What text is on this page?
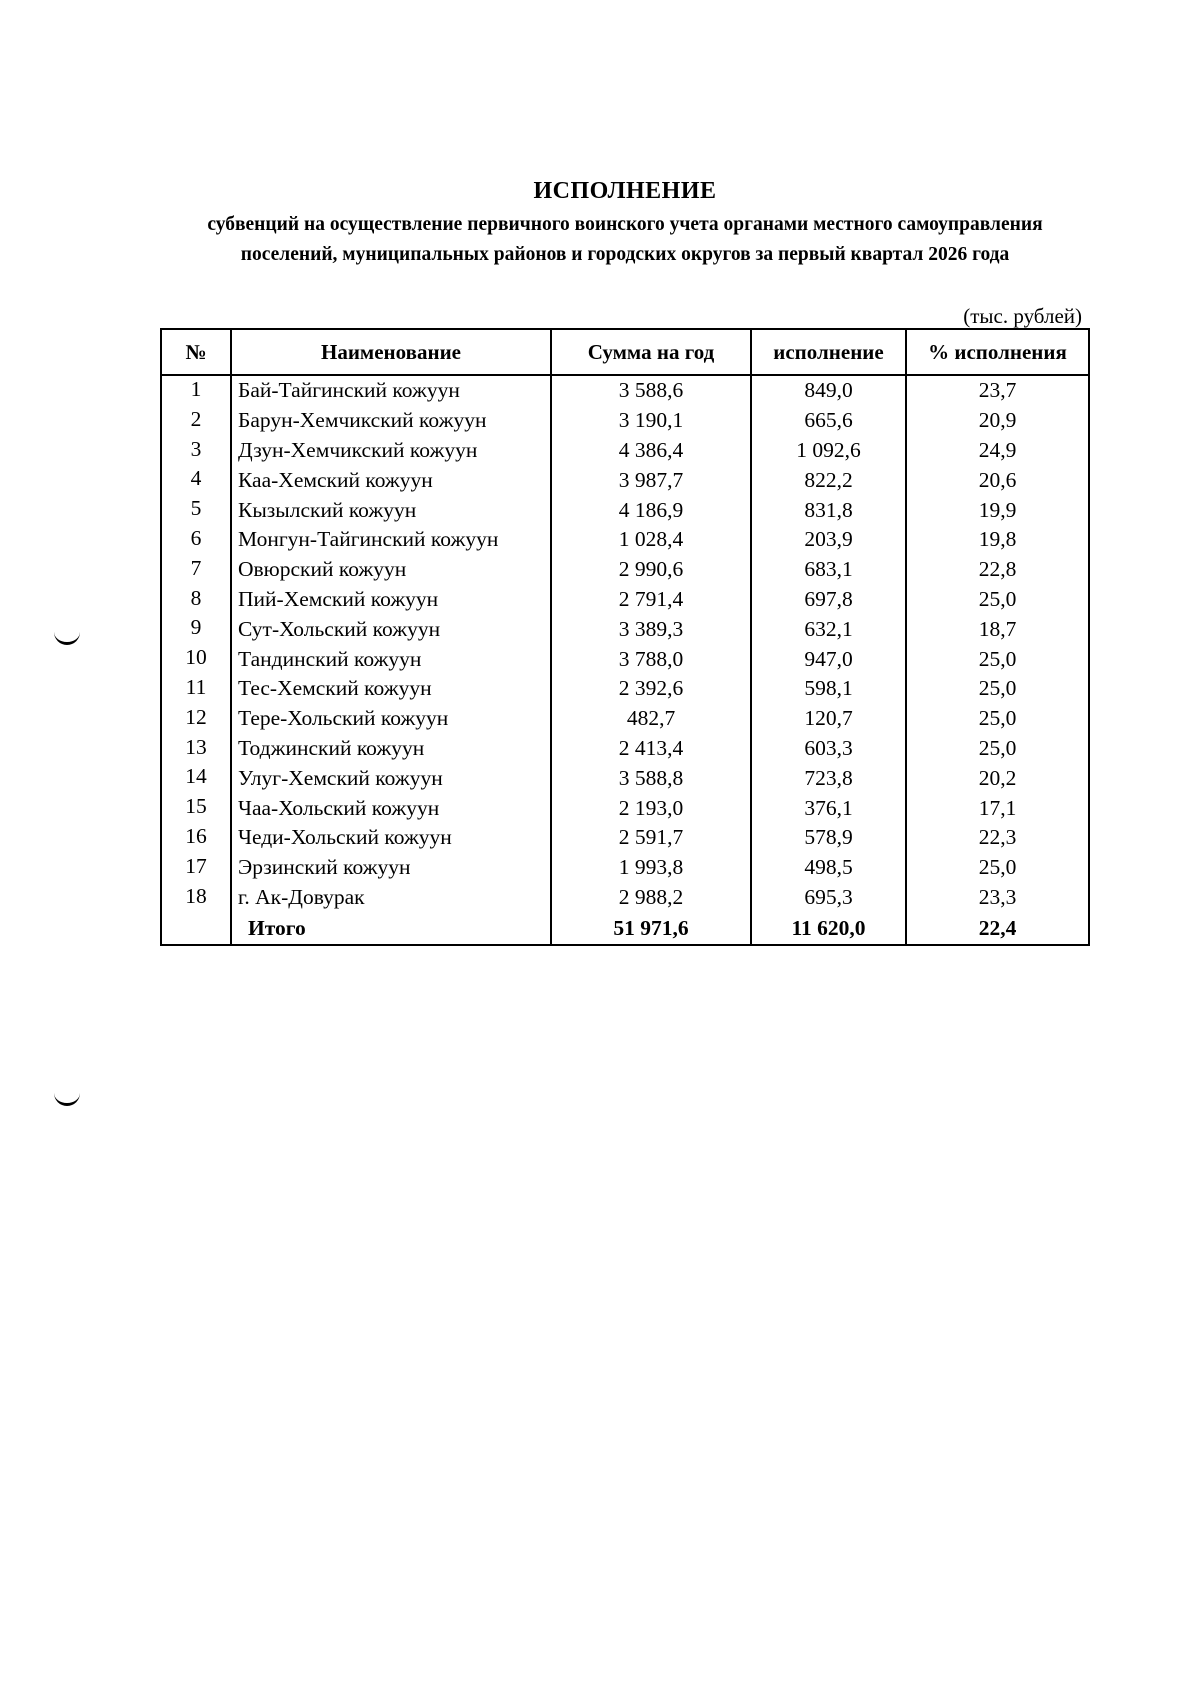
ИСПОЛНЕНИЕ
субвенций на осуществление первичного воинского учета органами местного самоуправления поселений, муниципальных районов и городских округов за первый квартал 2026 года
(тыс. рублей)
№	Наименование	Сумма на год	исполнение	% исполнения
1	Бай-Тайгинский кожуун	3 588,6	849,0	23,7
2	Барун-Хемчикский кожуун	3 190,1	665,6	20,9
3	Дзун-Хемчикский кожуун	4 386,4	1 092,6	24,9
4	Каа-Хемский кожуун	3 987,7	822,2	20,6
5	Кызылский кожуун	4 186,9	831,8	19,9
6	Монгун-Тайгинский кожуун	1 028,4	203,9	19,8
7	Овюрский кожуун	2 990,6	683,1	22,8
8	Пий-Хемский кожуун	2 791,4	697,8	25,0
9	Сут-Хольский кожуун	3 389,3	632,1	18,7
10	Тандинский кожуун	3 788,0	947,0	25,0
11	Тес-Хемский кожуун	2 392,6	598,1	25,0
12	Тере-Хольский кожуун	482,7	120,7	25,0
13	Тоджинский кожуун	2 413,4	603,3	25,0
14	Улуг-Хемский кожуун	3 588,8	723,8	20,2
15	Чаа-Хольский кожуун	2 193,0	376,1	17,1
16	Чеди-Хольский кожуун	2 591,7	578,9	22,3
17	Эрзинский кожуун	1 993,8	498,5	25,0
18	г. Ак-Довурак	2 988,2	695,3	23,3
	Итого	51 971,6	11 620,0	22,4
